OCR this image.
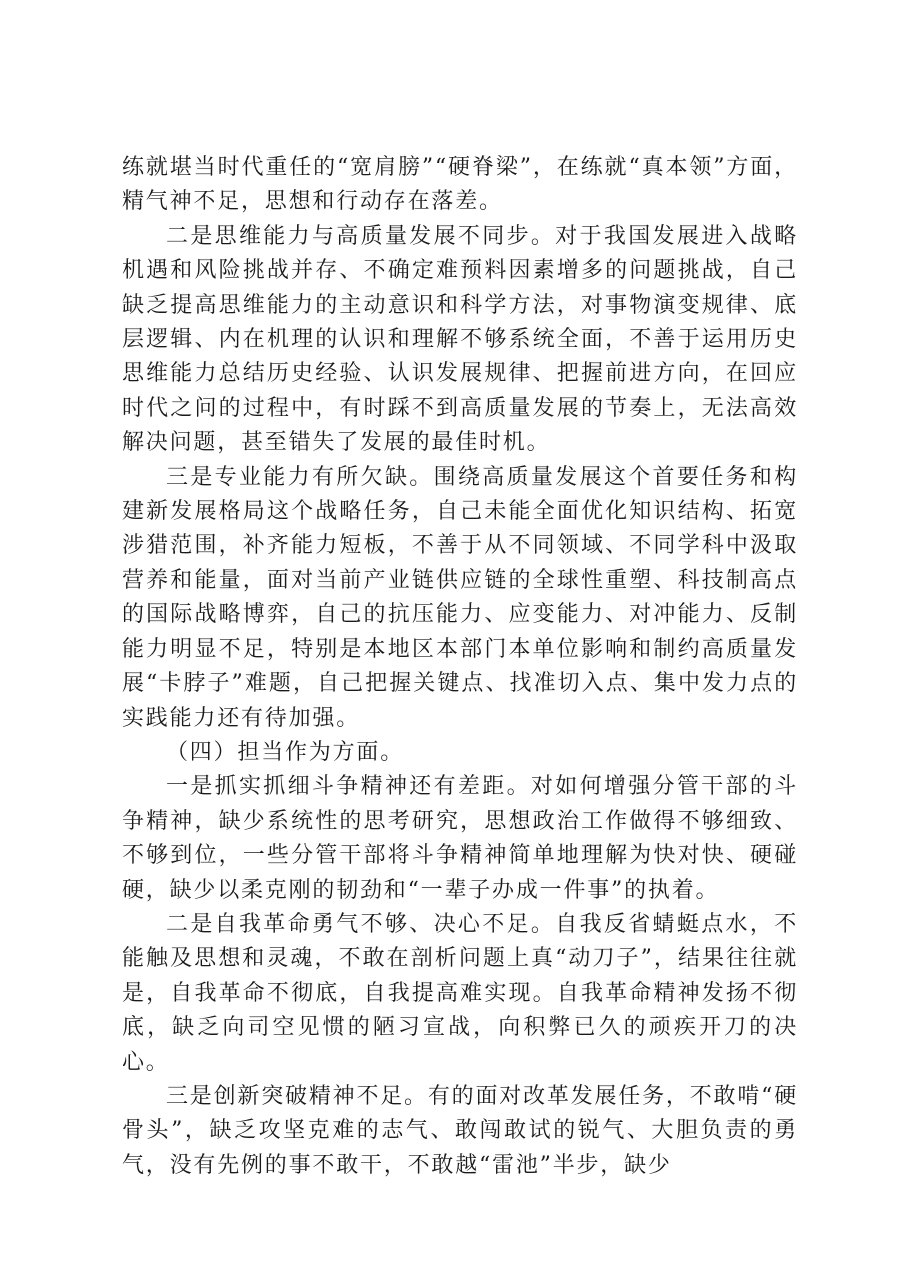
练就堪当时代重任的“宽肩膀”“硬脊梁”，在练就“真本领”方面，精气神不足，思想和行动存在落差。

二是思维能力与高质量发展不同步。对于我国发展进入战略机遇和风险挑战并存、不确定难预料因素增多的问题挑战，自己缺乏提高思维能力的主动意识和科学方法，对事物演变规律、底层逻辑、内在机理的认识和理解不够系统全面，不善于运用历史思维能力总结历史经验、认识发展规律、把握前进方向，在回应时代之问的过程中，有时踩不到高质量发展的节奏上，无法高效解决问题，甚至错失了发展的最佳时机。

三是专业能力有所欠缺。围绕高质量发展这个首要任务和构建新发展格局这个战略任务，自己未能全面优化知识结构、拓宽涉猎范围，补齐能力短板，不善于从不同领域、不同学科中汲取营养和能量，面对当前产业链供应链的全球性重塑、科技制高点的国际战略博弈，自己的抗压能力、应变能力、对冲能力、反制能力明显不足，特别是本地区本部门本单位影响和制约高质量发展“卡脖子”难题，自己把握关键点、找准切入点、集中发力点的实践能力还有待加强。

（四）担当作为方面。

一是抓实抓细斗争精神还有差距。对如何增强分管干部的斗争精神，缺少系统性的思考研究，思想政治工作做得不够细致、不够到位，一些分管干部将斗争精神简单地理解为快对快、硬碰硬，缺少以柔克刚的韧劲和“一辈子办成一件事”的执着。

二是自我革命勇气不够、决心不足。自我反省蜻蜓点水，不能触及思想和灵魂，不敢在剖析问题上真“动刀子”，结果往往就是，自我革命不彻底，自我提高难实现。自我革命精神发扬不彻底，缺乏向司空见惯的陋习宣战，向积弊已久的顽疾开刀的决心。

三是创新突破精神不足。有的面对改革发展任务，不敢啃“硬骨头”，缺乏攻坚克难的志气、敢闯敢试的锐气、大胆负责的勇气，没有先例的事不敢干，不敢越“雷池”半步，缺少
